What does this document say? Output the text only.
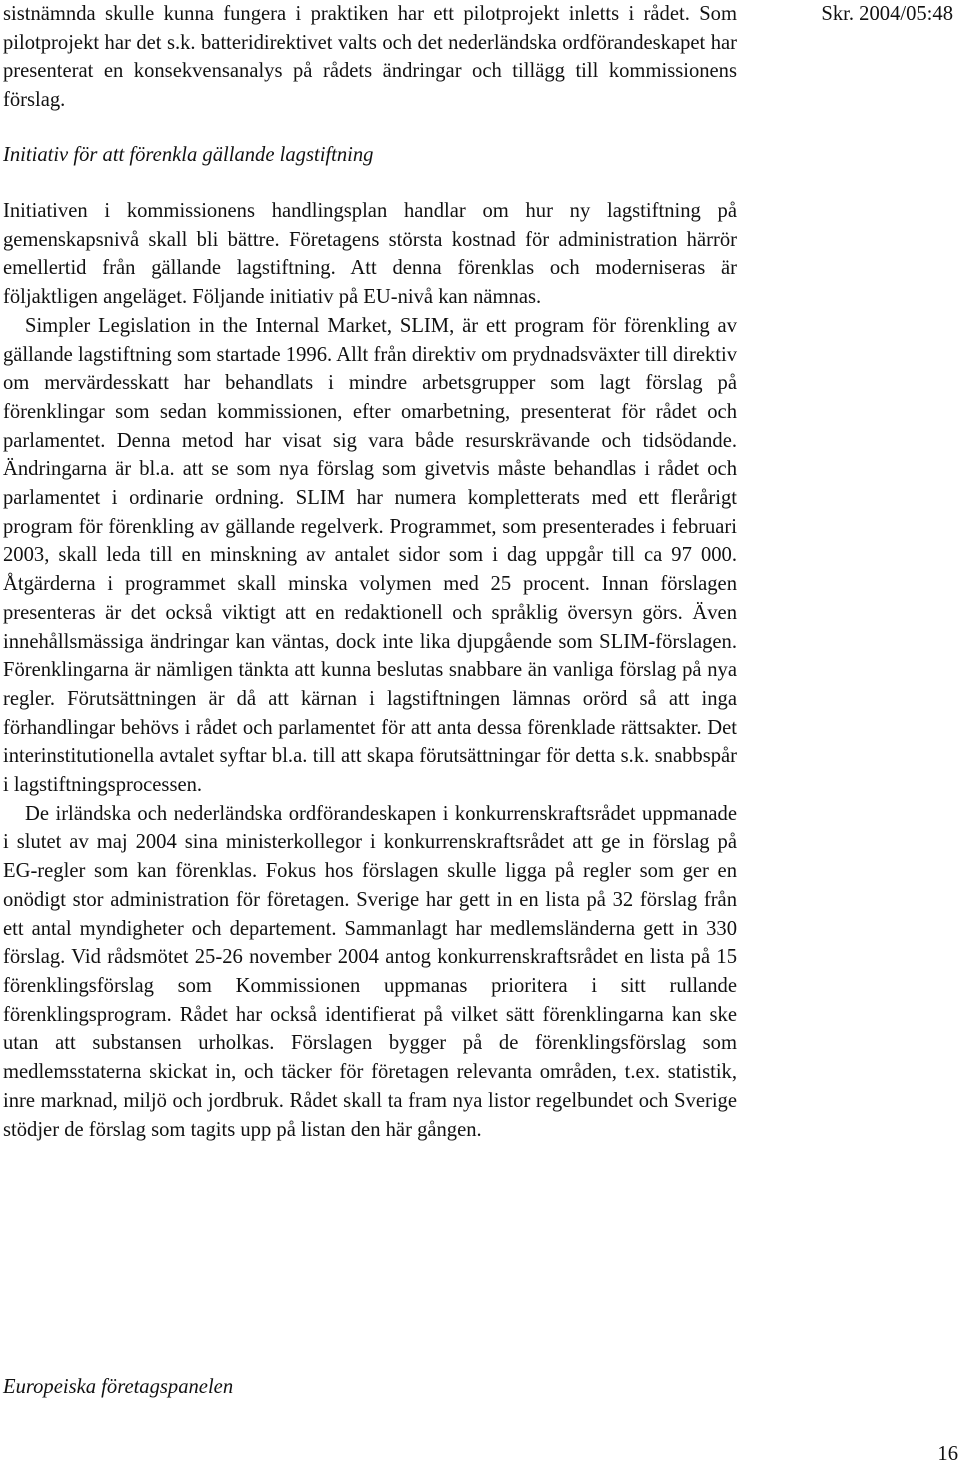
Skr. 2004/05:48

sistnämnda skulle kunna fungera i praktiken har ett pilotprojekt inletts i rådet. Som pilotprojekt har det s.k. batteridirektivet valts och det nederländska ordförandeskapet har presenterat en konsekvensanalys på rådets ändringar och tillägg till kommissionens förslag.

Initiativ för att förenkla gällande lagstiftning

Initiativen i kommissionens handlingsplan handlar om hur ny lagstiftning på gemenskapsnivå skall bli bättre. Företagens största kostnad för administration härrör emellertid från gällande lagstiftning. Att denna förenklas och moderniseras är följaktligen angeläget. Följande initiativ på EU-nivå kan nämnas.

Simpler Legislation in the Internal Market, SLIM, är ett program för förenkling av gällande lagstiftning som startade 1996. Allt från direktiv om prydnadsväxter till direktiv om mervärdesskatt har behandlats i mindre arbetsgrupper som lagt förslag på förenklingar som sedan kommissionen, efter omarbetning, presenterat för rådet och parlamentet. Denna metod har visat sig vara både resurskrävande och tidsödande. Ändringarna är bl.a. att se som nya förslag som givetvis måste behandlas i rådet och parlamentet i ordinarie ordning. SLIM har numera kompletterats med ett flerårigt program för förenkling av gällande regelverk. Programmet, som presenterades i februari 2003, skall leda till en minskning av antalet sidor som i dag uppgår till ca 97 000. Åtgärderna i programmet skall minska volymen med 25 procent. Innan förslagen presenteras är det också viktigt att en redaktionell och språklig översyn görs. Även innehållsmässiga ändringar kan väntas, dock inte lika djupgående som SLIM-förslagen. Förenklingarna är nämligen tänkta att kunna beslutas snabbare än vanliga förslag på nya regler. Förutsättningen är då att kärnan i lagstiftningen lämnas orörd så att inga förhandlingar behövs i rådet och parlamentet för att anta dessa förenklade rättsakter. Det interinstitutionella avtalet syftar bl.a. till att skapa förutsättningar för detta s.k. snabbspår i lagstiftningsprocessen.

De irländska och nederländska ordförandeskapen i konkurrenskraftsrådet uppmanade i slutet av maj 2004 sina ministerkollegor i konkurrenskraftsrådet att ge in förslag på EG-regler som kan förenklas. Fokus hos förslagen skulle ligga på regler som ger en onödigt stor administration för företagen. Sverige har gett in en lista på 32 förslag från ett antal myndigheter och departement. Sammanlagt har medlemsländerna gett in 330 förslag. Vid rådsmötet 25-26 november 2004 antog konkurrenskraftsrådet en lista på 15 förenklingsförslag som Kommissionen uppmanas prioritera i sitt rullande förenklingsprogram. Rådet har också identifierat på vilket sätt förenklingarna kan ske utan att substansen urholkas. Förslagen bygger på de förenklingsförslag som medlemsstaterna skickat in, och täcker för företagen relevanta områden, t.ex. statistik, inre marknad, miljö och jordbruk. Rådet skall ta fram nya listor regelbundet och Sverige stödjer de förslag som tagits upp på listan den här gången.

Europeiska företagspanelen
16
